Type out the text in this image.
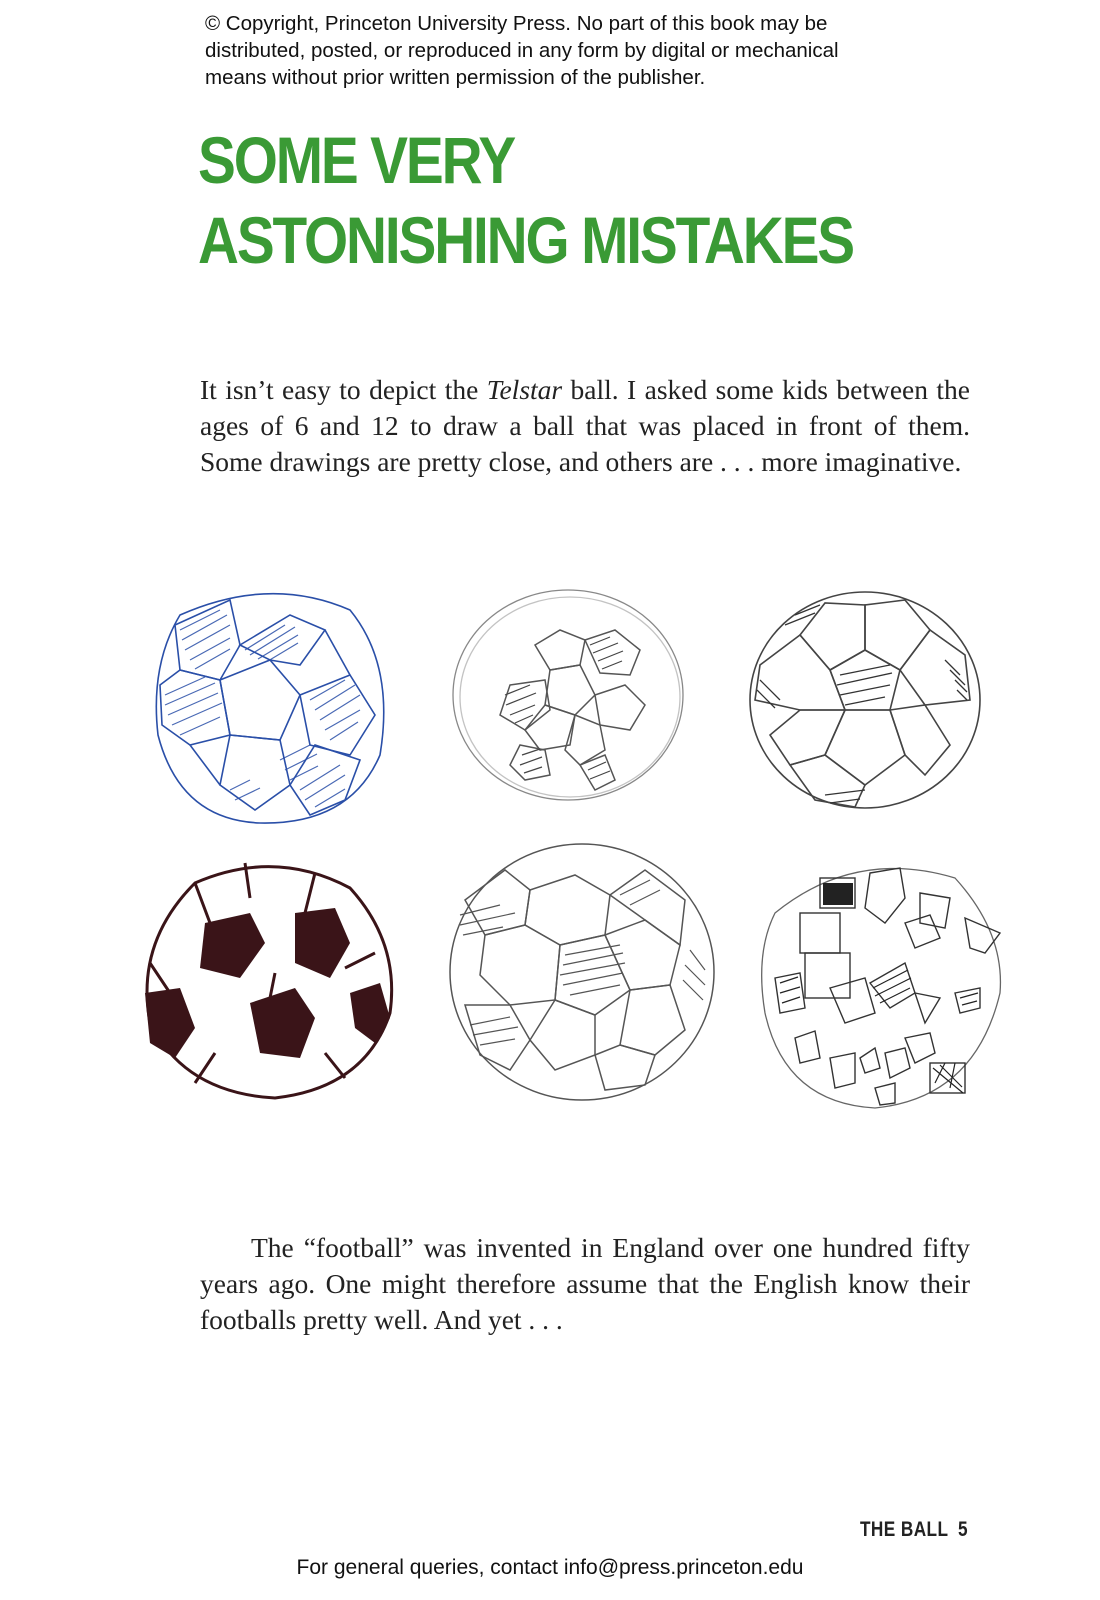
© Copyright, Princeton University Press. No part of this book may be
distributed, posted, or reproduced in any form by digital or mechanical
means without prior written permission of the publisher.
SOME VERY
ASTONISHING MISTAKES

It isn’t easy to depict the Telstar ball. I asked some kids between the ages of 6 and 12 to draw a ball that was placed in front of them. Some drawings are pretty close, and others are . . . more imaginative.

The “football” was invented in England over one hundred fifty years ago. One might therefore assume that the English know their footballs pretty well. And yet . . .

THE BALL 5
For general queries, contact info@press.princeton.edu
